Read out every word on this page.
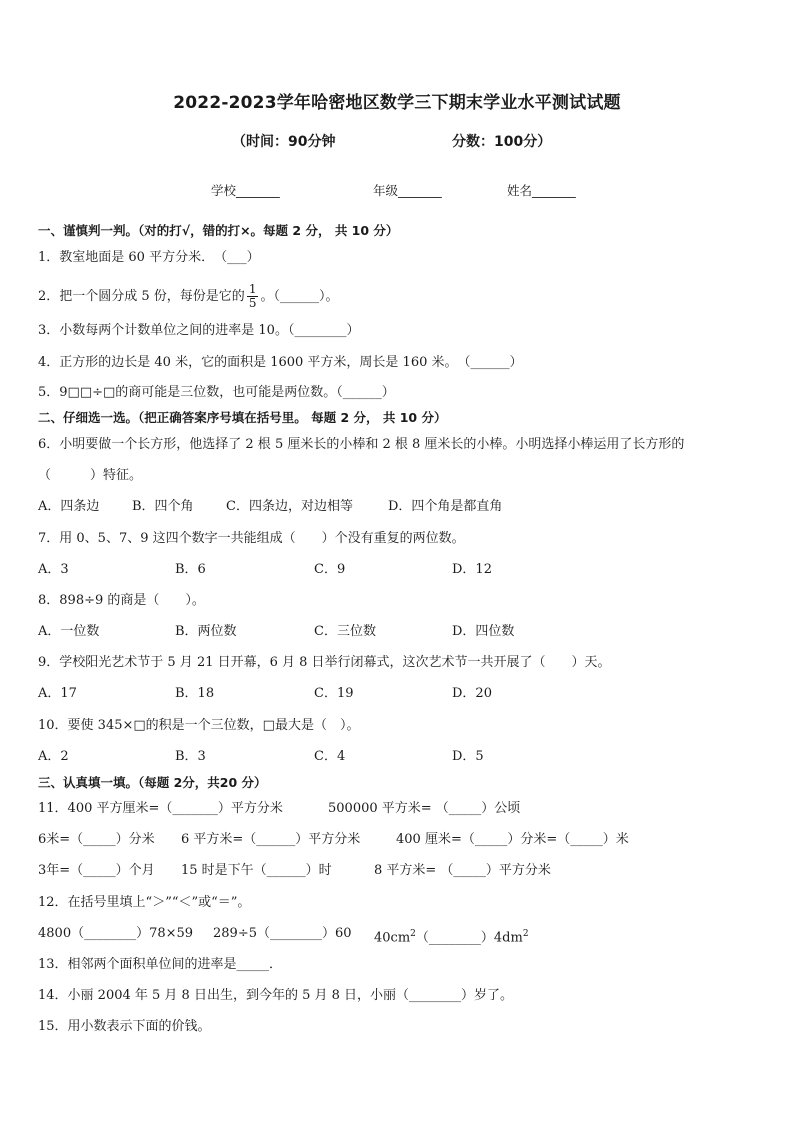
2022-2023学年哈密地区数学三下期末学业水平测试试题
（时间：90分钟	分数：100分）
学校_______	年级_______	姓名_______
一、谨慎判一判。（对的打√，错的打×。每题 2 分， 共 10 分）
1．教室地面是 60 平方分米．　（___）
2．把一个圆分成 5 份，每份是它的 $\frac{1}{5}$ 。（______）。
3．小数每两个计数单位之间的进率是 10。（________）
4．正方形的边长是 40 米，它的面积是 1600 平方米，周长是 160 米。　（______）
5．9□□÷□的商可能是三位数，也可能是两位数。（______）
二、仔细选一选。（把正确答案序号填在括号里。 每题 2 分， 共 10 分）
6．小明要做一个长方形，他选择了 2 根 5 厘米长的小棒和 2 根 8 厘米长的小棒。小明选择小棒运用了长方形的
（　　　）特征。
A．四条边	B．四个角 C．四条边，对边相等	D．四个角是都直角
7．用 0、5、7、9 这四个数字一共能组成（　　）个没有重复的两位数。
A．3	B．6	C．9	D．12
8．898÷9 的商是（　　）。
A．一位数	B．两位数	C．三位数	D．四位数
9．学校阳光艺术节于 5 月 21 日开幕，6 月 8 日举行闭幕式，这次艺术节一共开展了（　　）天。
A．17	B．18	C．19	D．20
10．要使 345×□的积是一个三位数，□最大是（　）。
A．2	B．3	C．4	D．5
三、认真填一填。（每题 2分，共20 分）
11．400 平方厘米=（_______）平方分米	500000 平方米= （_____）公顷
6米=（_____）分米 6 平方米=（______）平方分米	400 厘米=（_____）分米=（_____）米
3年=（_____）个月 15 时是下午（______）时	8 平方米= （_____）平方分米
12．在括号里填上“＞”“＜”或“＝”。
4800（________）78×59 289÷5（________）60 $40cm^2(\_\_\_\_\_\_\_\_)4dm^2$
13．相邻两个面积单位间的进率是_____．
14．小丽 2004 年 5 月 8 日出生，到今年的 5 月 8 日，小丽（________）岁了。
15．用小数表示下面的价钱。
